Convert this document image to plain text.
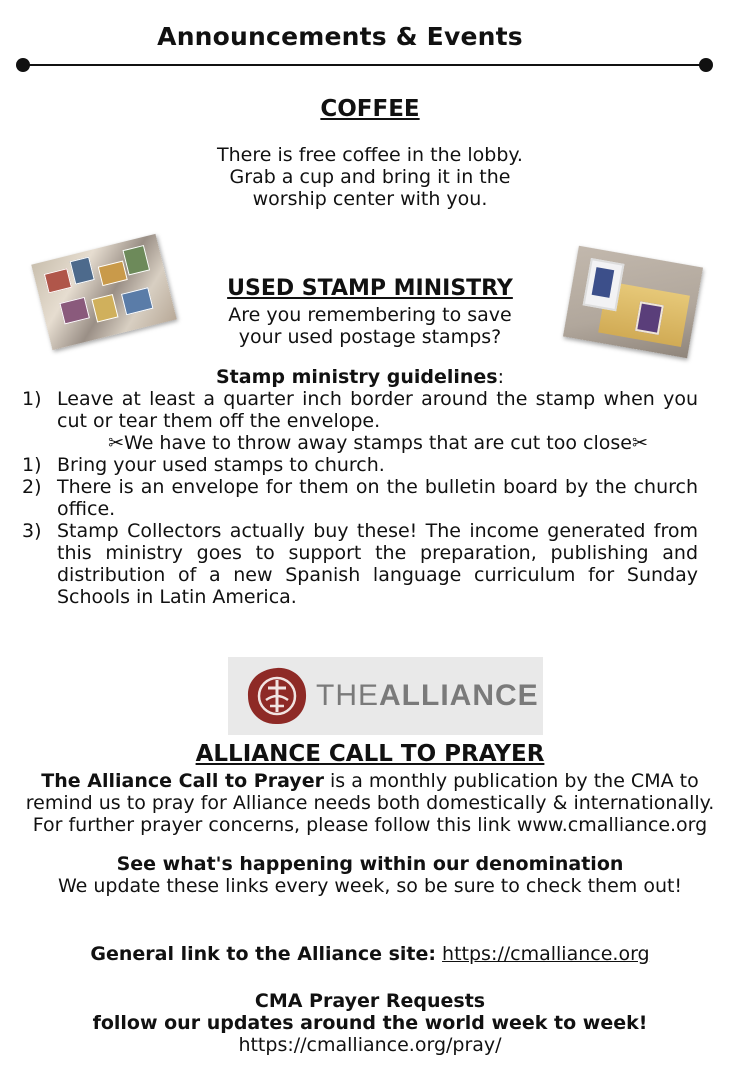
Announcements & Events
COFFEE
There is free coffee in the lobby.
Grab a cup and bring it in the
worship center with you.
USED STAMP MINISTRY
Are you remembering to save
your used postage stamps?

Stamp ministry guidelines:

1) Leave at least a quarter inch border around the stamp when you cut or tear them off the envelope.
✂We have to throw away stamps that are cut too close✂
1) Bring your used stamps to church.
2) There is an envelope for them on the bulletin board by the church office.
3) Stamp Collectors actually buy these! The income generated from this ministry goes to support the preparation, publishing and distribution of a new Spanish language curriculum for Sunday Schools in Latin America.
THEALLIANCE
ALLIANCE CALL TO PRAYER
The Alliance Call to Prayer is a monthly publication by the CMA to
remind us to pray for Alliance needs both domestically & internationally.
For further prayer concerns, please follow this link www.cmalliance.org
See what's happening within our denomination
We update these links every week, so be sure to check them out!
General link to the Alliance site: https://cmalliance.org
CMA Prayer Requests
follow our updates around the world week to week!
https://cmalliance.org/pray/
